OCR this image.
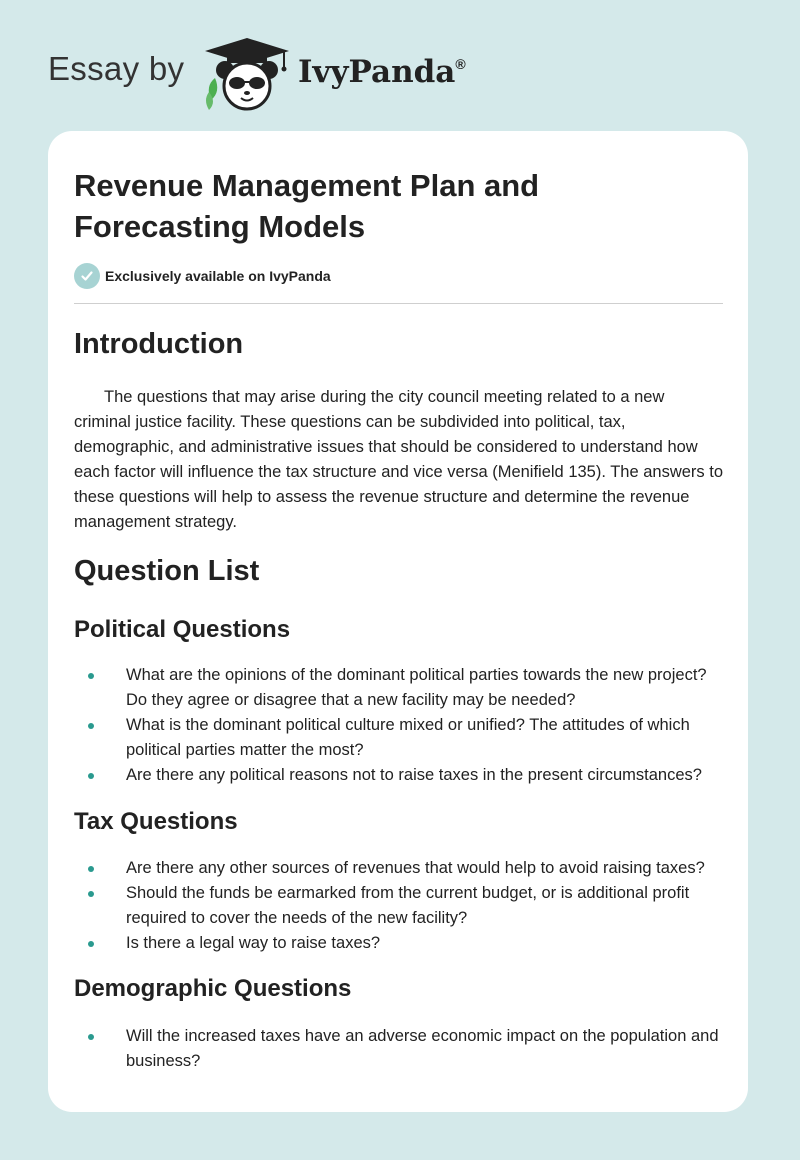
Essay by	IvyPanda®
Revenue Management Plan and
Forecasting Models
Exclusively available on IvyPanda
Introduction

The questions that may arise during the city council meeting related to a new criminal justice facility. These questions can be subdivided into political, tax, demographic, and administrative issues that should be considered to understand how each factor will influence the tax structure and vice versa (Menifield 135). The answers to these questions will help to assess the revenue structure and determine the revenue management strategy.

Question List
Political Questions
What are the opinions of the dominant political parties towards the new project? Do they agree or disagree that a new facility may be needed?
What is the dominant political culture mixed or unified? The attitudes of which political parties matter the most?
Are there any political reasons not to raise taxes in the present circumstances?
Tax Questions
Are there any other sources of revenues that would help to avoid raising taxes?
Should the funds be earmarked from the current budget, or is additional profit required to cover the needs of the new facility?
Is there a legal way to raise taxes?
Demographic Questions
Will the increased taxes have an adverse economic impact on the population and business?
